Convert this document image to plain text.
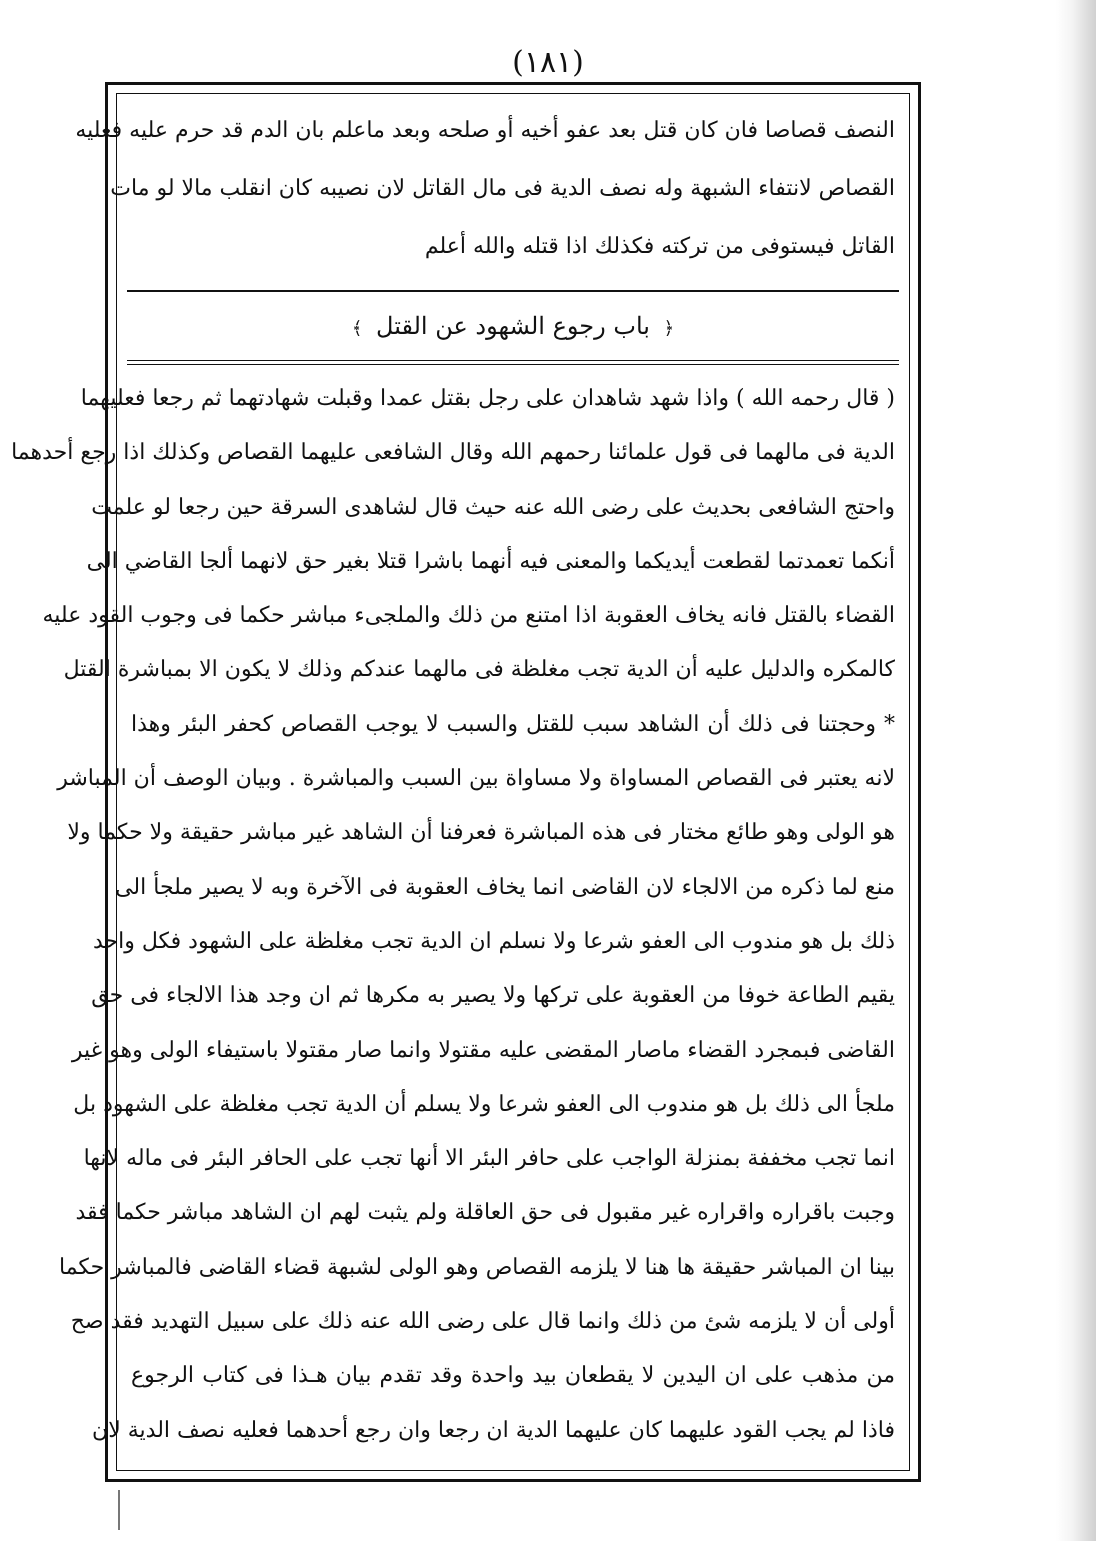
(١٨١)
النصف قصاصا فان كان قتل بعد عفو أخيه أو صلحه وبعد ماعلم بان الدم قد حرم عليه فعليه
القصاص لانتفاء الشبهة وله نصف الدية فى مال القاتل لان نصيبه كان انقلب مالا لو مات
القاتل فيستوفى من تركته فكذلك اذا قتله والله أعلم
﴿ باب رجوع الشهود عن القتل ﴾
( قال رحمه الله ) واذا شهد شاهدان على رجل بقتل عمدا وقبلت شهادتهما ثم رجعا فعليهما
الدية فى مالهما فى قول علمائنا رحمهم الله وقال الشافعى عليهما القصاص وكذلك اذا رجع أحدهما
واحتج الشافعى بحديث على رضى الله عنه حيث قال لشاهدى السرقة حين رجعا لو علمت
أنكما تعمدتما لقطعت أيديكما والمعنى فيه أنهما باشرا قتلا بغير حق لانهما ألجا القاضي الى
القضاء بالقتل فانه يخاف العقوبة اذا امتنع من ذلك والملجىء مباشر حكما فى وجوب القود عليه
كالمكره والدليل عليه أن الدية تجب مغلظة فى مالهما عندكم وذلك لا يكون الا بمباشرة القتل
* وحجتنا فى ذلك أن الشاهد سبب للقتل والسبب لا يوجب القصاص كحفر البئر وهذا
لانه يعتبر فى القصاص المساواة ولا مساواة بين السبب والمباشرة . وبيان الوصف أن المباشر
هو الولى وهو طائع مختار فى هذه المباشرة فعرفنا أن الشاهد غير مباشر حقيقة ولا حكما ولا
منع لما ذكره من الالجاء لان القاضى انما يخاف العقوبة فى الآخرة وبه لا يصير ملجأ الى
ذلك بل هو مندوب الى العفو شرعا ولا نسلم ان الدية تجب مغلظة على الشهود فكل واحد
يقيم الطاعة خوفا من العقوبة على تركها ولا يصير به مكرها ثم ان وجد هذا الالجاء فى حق
القاضى فبمجرد القضاء ماصار المقضى عليه مقتولا وانما صار مقتولا باستيفاء الولى وهو غير
ملجأ الى ذلك بل هو مندوب الى العفو شرعا ولا يسلم أن الدية تجب مغلظة على الشهود بل
انما تجب مخففة بمنزلة الواجب على حافر البئر الا أنها تجب على الحافر البئر فى ماله لانها
وجبت باقراره واقراره غير مقبول فى حق العاقلة ولم يثبت لهم ان الشاهد مباشر حكما فقد
بينا ان المباشر حقيقة ها هنا لا يلزمه القصاص وهو الولى لشبهة قضاء القاضى فالمباشر حكما
أولى أن لا يلزمه شئ من ذلك وانما قال على رضى الله عنه ذلك على سبيل التهديد فقد صح
من مذهب على ان اليدين لا يقطعان بيد واحدة وقد تقدم بيان هـذا فى كتاب الرجوع
فاذا لم يجب القود عليهما كان عليهما الدية ان رجعا وان رجع أحدهما فعليه نصف الدية لان
